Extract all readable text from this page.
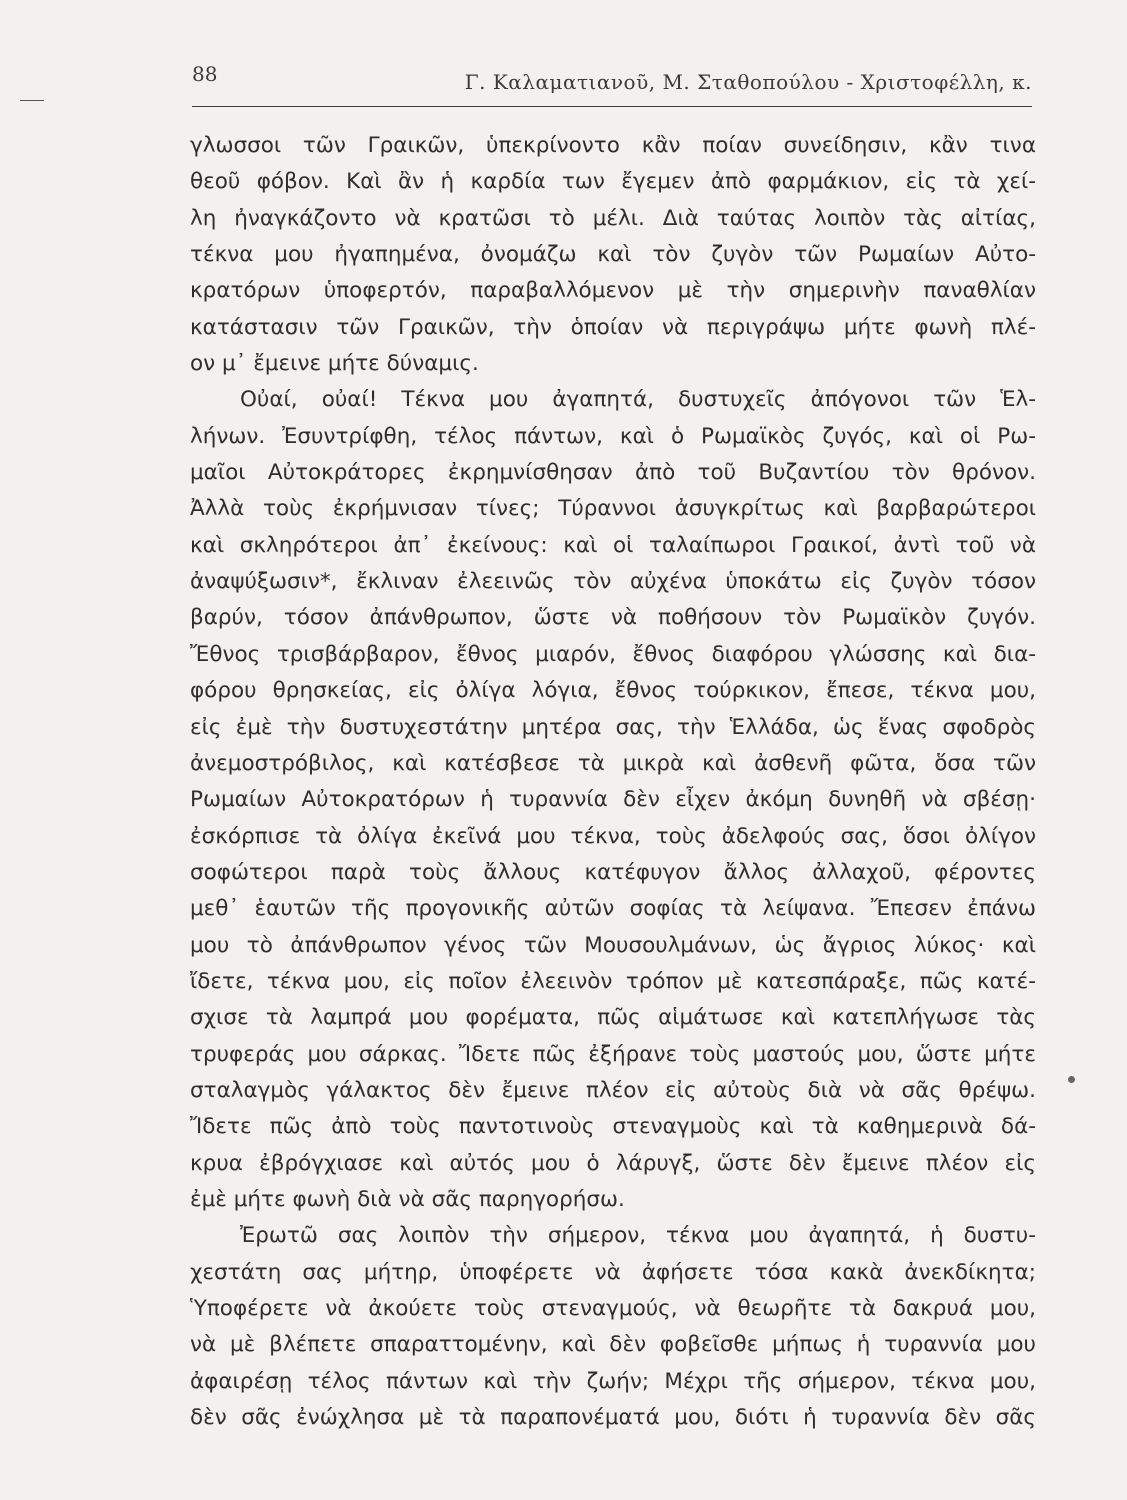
88	Γ. Καλαματιανοῦ, Μ. Σταθοπούλου - Χριστοφέλλη, κ.
γλωσσοι τῶν Γραικῶν, ὑπεκρίνοντο κἂν ποίαν συνείδησιν, κἂν τινα
θεοῦ φόβον. Καὶ ἂν ἡ καρδία των ἔγεμεν ἀπὸ φαρμάκιον, εἰς τὰ χεί-
λη ἠναγκάζοντο νὰ κρατῶσι τὸ μέλι. Διὰ ταύτας λοιπὸν τὰς αἰτίας,
τέκνα μου ἠγαπημένα, ὀνομάζω καὶ τὸν ζυγὸν τῶν Ρωμαίων Αὐτο-
κρατόρων ὑποφερτόν, παραβαλλόμενον μὲ τὴν σημερινὴν παναθλίαν
κατάστασιν τῶν Γραικῶν, τὴν ὁποίαν νὰ περιγράψω μήτε φωνὴ πλέ-
ον μ᾽ ἔμεινε μήτε δύναμις.
Οὐαί, οὐαί! Τέκνα μου ἀγαπητά, δυστυχεῖς ἀπόγονοι τῶν Ἑλ-
λήνων. Ἐσυντρίφθη, τέλος πάντων, καὶ ὁ Ρωμαϊκὸς ζυγός, καὶ οἱ Ρω-
μαῖοι Αὐτοκράτορες ἐκρημνίσθησαν ἀπὸ τοῦ Βυζαντίου τὸν θρόνον.
Ἀλλὰ τοὺς ἐκρήμνισαν τίνες; Τύραννοι ἀσυγκρίτως καὶ βαρβαρώτεροι
καὶ σκληρότεροι ἀπ᾽ ἐκείνους: καὶ οἱ ταλαίπωροι Γραικοί, ἀντὶ τοῦ νὰ
ἀναψύξωσιν*, ἔκλιναν ἐλεεινῶς τὸν αὐχένα ὑποκάτω εἰς ζυγὸν τόσον
βαρύν, τόσον ἀπάνθρωπον, ὥστε νὰ ποθήσουν τὸν Ρωμαϊκὸν ζυγόν.
Ἔθνος τρισβάρβαρον, ἔθνος μιαρόν, ἔθνος διαφόρου γλώσσης καὶ δια-
φόρου θρησκείας, εἰς ὀλίγα λόγια, ἔθνος τούρκικον, ἔπεσε, τέκνα μου,
εἰς ἐμὲ τὴν δυστυχεστάτην μητέρα σας, τὴν Ἑλλάδα, ὡς ἕνας σφοδρὸς
ἀνεμοστρόβιλος, καὶ κατέσβεσε τὰ μικρὰ καὶ ἀσθενῆ φῶτα, ὅσα τῶν
Ρωμαίων Αὐτοκρατόρων ἡ τυραννία δὲν εἶχεν ἀκόμη δυνηθῆ νὰ σβέσῃ·
ἐσκόρπισε τὰ ὀλίγα ἐκεῖνά μου τέκνα, τοὺς ἀδελφούς σας, ὅσοι ὀλίγον
σοφώτεροι παρὰ τοὺς ἄλλους κατέφυγον ἄλλος ἀλλαχοῦ, φέροντες
μεθ᾽ ἑαυτῶν τῆς προγονικῆς αὐτῶν σοφίας τὰ λείψανα. Ἔπεσεν ἐπάνω
μου τὸ ἀπάνθρωπον γένος τῶν Μουσουλμάνων, ὡς ἄγριος λύκος· καὶ
ἴδετε, τέκνα μου, εἰς ποῖον ἐλεεινὸν τρόπον μὲ κατεσπάραξε, πῶς κατέ-
σχισε τὰ λαμπρά μου φορέματα, πῶς αἱμάτωσε καὶ κατεπλήγωσε τὰς
τρυφεράς μου σάρκας. Ἴδετε πῶς ἐξήρανε τοὺς μαστούς μου, ὥστε μήτε
σταλαγμὸς γάλακτος δὲν ἔμεινε πλέον εἰς αὐτοὺς διὰ νὰ σᾶς θρέψω.
Ἴδετε πῶς ἀπὸ τοὺς παντοτινοὺς στεναγμοὺς καὶ τὰ καθημερινὰ δά-
κρυα ἐβρόγχιασε καὶ αὐτός μου ὁ λάρυγξ, ὥστε δὲν ἔμεινε πλέον εἰς
ἐμὲ μήτε φωνὴ διὰ νὰ σᾶς παρηγορήσω.
Ἐρωτῶ σας λοιπὸν τὴν σήμερον, τέκνα μου ἀγαπητά, ἡ δυστυ-
χεστάτη σας μήτηρ, ὑποφέρετε νὰ ἀφήσετε τόσα κακὰ ἀνεκδίκητα;
Ὑποφέρετε νὰ ἀκούετε τοὺς στεναγμούς, νὰ θεωρῆτε τὰ δακρυά μου,
νὰ μὲ βλέπετε σπαραττομένην, καὶ δὲν φοβεῖσθε μήπως ἡ τυραννία μου
ἀφαιρέσῃ τέλος πάντων καὶ τὴν ζωήν; Μέχρι τῆς σήμερον, τέκνα μου,
δὲν σᾶς ἐνώχλησα μὲ τὰ παραπονέματά μου, διότι ἡ τυραννία δὲν σᾶς
